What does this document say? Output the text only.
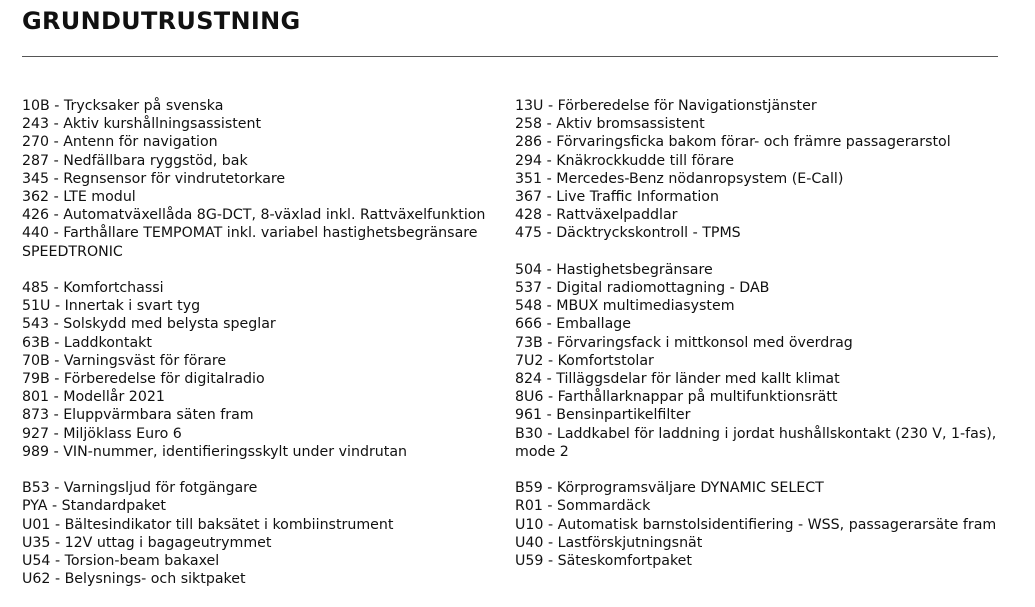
GRUNDUTRUSTNING
10B - Trycksaker på svenska
243 - Aktiv kurshållningsassistent
270 - Antenn för navigation
287 - Nedfällbara ryggstöd, bak
345 - Regnsensor för vindrutetorkare
362 - LTE modul
426 - Automatväxellåda 8G-DCT, 8-växlad inkl. Rattväxelfunktion
440 - Farthållare TEMPOMAT inkl. variabel hastighetsbegränsare SPEEDTRONIC
485 - Komfortchassi
51U - Innertak i svart tyg
543 - Solskydd med belysta speglar
63B - Laddkontakt
70B - Varningsväst för förare
79B - Förberedelse för digitalradio
801 - Modellår 2021
873 - Eluppvärmbara säten fram
927 - Miljöklass Euro 6
989 - VIN-nummer, identifieringsskylt under vindrutan
B53 - Varningsljud för fotgängare
PYA - Standardpaket
U01 - Bältesindikator till baksätet i kombiinstrument
U35 - 12V uttag i bagageutrymmet
U54 - Torsion-beam bakaxel
U62 - Belysnings- och siktpaket
13U - Förberedelse för Navigationstjänster
258 - Aktiv bromsassistent
286 - Förvaringsficka bakom förar- och främre passagerarstol
294 - Knäkrockkudde till förare
351 - Mercedes-Benz nödanropsystem (E-Call)
367 - Live Traffic Information
428 - Rattväxelpaddlar
475 - Däcktryckskontroll - TPMS
504 - Hastighetsbegränsare
537 - Digital radiomottagning - DAB
548 - MBUX multimediasystem
666 - Emballage
73B - Förvaringsfack i mittkonsol med överdrag
7U2 - Komfortstolar
824 - Tilläggsdelar för länder med kallt klimat
8U6 - Farthållarknappar på multifunktionsrätt
961 - Bensinpartikelfilter
B30 - Laddkabel för laddning i jordat hushållskontakt (230 V, 1-fas), mode 2
B59 - Körprogramsväljare DYNAMIC SELECT
R01 - Sommardäck
U10 - Automatisk barnstolsidentifiering - WSS, passagerarsäte fram
U40 - Lastförskjutningsnät
U59 - Säteskomfortpaket
